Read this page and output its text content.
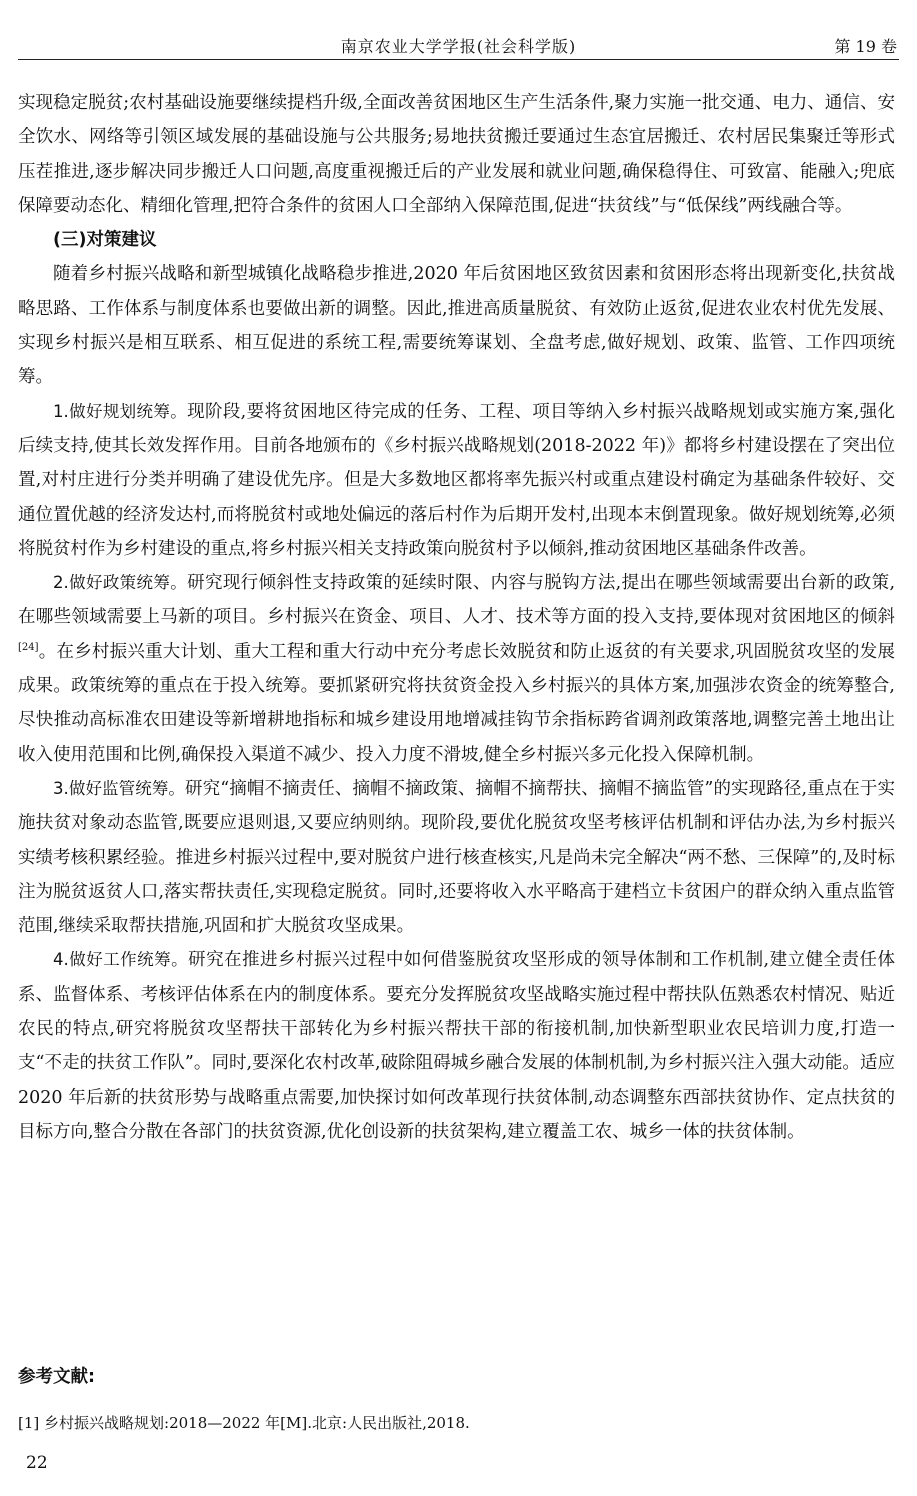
南京农业大学学报(社会科学版)	第 19 卷

实现稳定脱贫;农村基础设施要继续提档升级,全面改善贫困地区生产生活条件,聚力实施一批交通、电力、通信、安全饮水、网络等引领区域发展的基础设施与公共服务;易地扶贫搬迁要通过生态宜居搬迁、农村居民集聚迁等形式压茬推进,逐步解决同步搬迁人口问题,高度重视搬迁后的产业发展和就业问题,确保稳得住、可致富、能融入;兜底保障要动态化、精细化管理,把符合条件的贫困人口全部纳入保障范围,促进“扶贫线”与“低保线”两线融合等。

(三)对策建议

随着乡村振兴战略和新型城镇化战略稳步推进,2020 年后贫困地区致贫因素和贫困形态将出现新变化,扶贫战略思路、工作体系与制度体系也要做出新的调整。因此,推进高质量脱贫、有效防止返贫,促进农业农村优先发展、实现乡村振兴是相互联系、相互促进的系统工程,需要统筹谋划、全盘考虑,做好规划、政策、监管、工作四项统筹。

1.做好规划统筹。现阶段,要将贫困地区待完成的任务、工程、项目等纳入乡村振兴战略规划或实施方案,强化后续支持,使其长效发挥作用。目前各地颁布的《乡村振兴战略规划(2018-2022 年)》都将乡村建设摆在了突出位置,对村庄进行分类并明确了建设优先序。但是大多数地区都将率先振兴村或重点建设村确定为基础条件较好、交通位置优越的经济发达村,而将脱贫村或地处偏远的落后村作为后期开发村,出现本末倒置现象。做好规划统筹,必须将脱贫村作为乡村建设的重点,将乡村振兴相关支持政策向脱贫村予以倾斜,推动贫困地区基础条件改善。

2.做好政策统筹。研究现行倾斜性支持政策的延续时限、内容与脱钩方法,提出在哪些领域需要出台新的政策,在哪些领域需要上马新的项目。乡村振兴在资金、项目、人才、技术等方面的投入支持,要体现对贫困地区的倾斜[24]。在乡村振兴重大计划、重大工程和重大行动中充分考虑长效脱贫和防止返贫的有关要求,巩固脱贫攻坚的发展成果。政策统筹的重点在于投入统筹。要抓紧研究将扶贫资金投入乡村振兴的具体方案,加强涉农资金的统筹整合,尽快推动高标准农田建设等新增耕地指标和城乡建设用地增减挂钩节余指标跨省调剂政策落地,调整完善土地出让收入使用范围和比例,确保投入渠道不减少、投入力度不滑坡,健全乡村振兴多元化投入保障机制。

3.做好监管统筹。研究“摘帽不摘责任、摘帽不摘政策、摘帽不摘帮扶、摘帽不摘监管”的实现路径,重点在于实施扶贫对象动态监管,既要应退则退,又要应纳则纳。现阶段,要优化脱贫攻坚考核评估机制和评估办法,为乡村振兴实绩考核积累经验。推进乡村振兴过程中,要对脱贫户进行核查核实,凡是尚未完全解决“两不愁、三保障”的,及时标注为脱贫返贫人口,落实帮扶责任,实现稳定脱贫。同时,还要将收入水平略高于建档立卡贫困户的群众纳入重点监管范围,继续采取帮扶措施,巩固和扩大脱贫攻坚成果。

4.做好工作统筹。研究在推进乡村振兴过程中如何借鉴脱贫攻坚形成的领导体制和工作机制,建立健全责任体系、监督体系、考核评估体系在内的制度体系。要充分发挥脱贫攻坚战略实施过程中帮扶队伍熟悉农村情况、贴近农民的特点,研究将脱贫攻坚帮扶干部转化为乡村振兴帮扶干部的衔接机制,加快新型职业农民培训力度,打造一支“不走的扶贫工作队”。同时,要深化农村改革,破除阻碍城乡融合发展的体制机制,为乡村振兴注入强大动能。适应 2020 年后新的扶贫形势与战略重点需要,加快探讨如何改革现行扶贫体制,动态调整东西部扶贫协作、定点扶贫的目标方向,整合分散在各部门的扶贫资源,优化创设新的扶贫架构,建立覆盖工农、城乡一体的扶贫体制。

参考文献:
[1] 乡村振兴战略规划:2018—2022 年[M].北京:人民出版社,2018.
22
